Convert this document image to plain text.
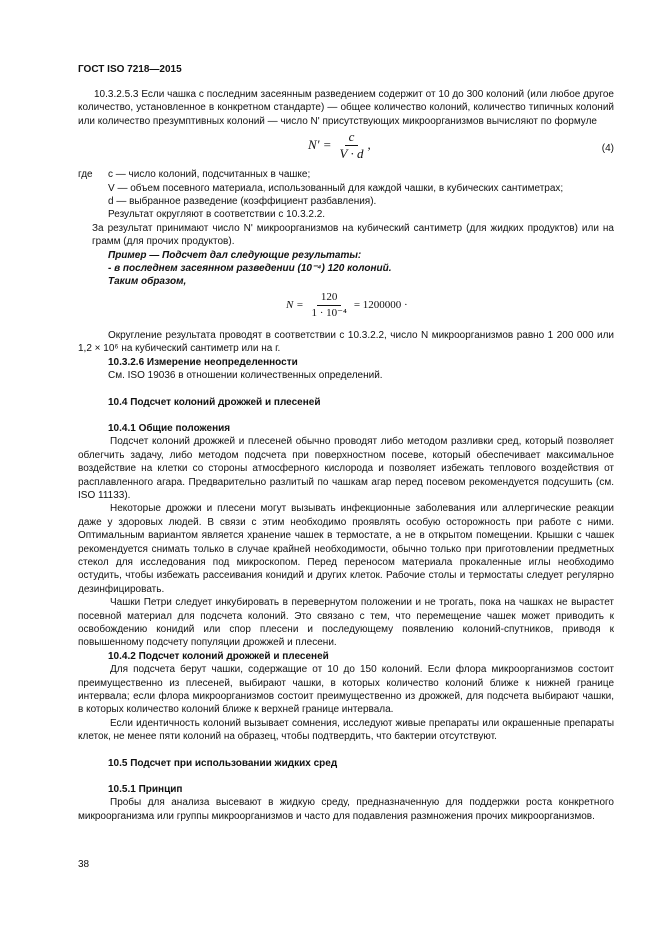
ГОСТ ISO 7218—2015

10.3.2.5.3 Если чашка с последним засеянным разведением содержит от 10 до 300 колоний (или любое другое количество, установленное в конкретном стандарте) — общее количество колоний, количество типичных колоний или количество презумптивных колоний — число N' присутствующих микроорганизмов вычисляют по формуле

$N' = \frac{c}{V \cdot d}$ ,	(4)
где	c — число колоний, подсчитанных в чашке;

V — объем посевного материала, использованный для каждой чашки, в кубических сантиметрах;

d — выбранное разведение (коэффициент разбавления).

Результат округляют в соответствии с 10.3.2.2.

За результат принимают число N' микроорганизмов на кубический сантиметр (для жидких продуктов) или на грамм (для прочих продуктов).

Пример — Подсчет дал следующие результаты:

- в последнем засеянном разведении (10⁻⁴) 120 колоний.

Таким образом,

$N = \frac{120}{\text{1 · 10⁻⁴}} = 1200000$ ·

Округление результата проводят в соответствии с 10.3.2.2, число N микроорганизмов равно 1 200 000 или 1,2 × 10⁶ на кубический сантиметр или на г.

10.3.2.6 Измерение неопределенности

См. ISO 19036 в отношении количественных определений.

10.4 Подсчет колоний дрожжей и плесеней

10.4.1 Общие положения

Подсчет колоний дрожжей и плесеней обычно проводят либо методом разливки сред, который позволяет облегчить задачу, либо методом подсчета при поверхностном посеве, который обеспечивает максимальное воздействие на клетки со стороны атмосферного кислорода и позволяет избежать теплового воздействия от расплавленного агара. Предварительно разлитый по чашкам агар перед посевом рекомендуется подсушить (см. ISO 11133).

Некоторые дрожжи и плесени могут вызывать инфекционные заболевания или аллергические реакции даже у здоровых людей. В связи с этим необходимо проявлять особую осторожность при работе с ними. Оптимальным вариантом является хранение чашек в термостате, а не в открытом помещении. Крышки с чашек рекомендуется снимать только в случае крайней необходимости, обычно только при приготовлении предметных стекол для исследования под микроскопом. Перед переносом материала прокаленные иглы необходимо остудить, чтобы избежать рассеивания конидий и других клеток. Рабочие столы и термостаты следует регулярно дезинфицировать.

Чашки Петри следует инкубировать в перевернутом положении и не трогать, пока на чашках не вырастет посевной материал для подсчета колоний. Это связано с тем, что перемещение чашек может приводить к освобождению конидий или спор плесени и последующему появлению колоний-спутников, приводя к повышенному подсчету популяции дрожжей и плесени.

10.4.2 Подсчет колоний дрожжей и плесеней

Для подсчета берут чашки, содержащие от 10 до 150 колоний. Если флора микроорганизмов состоит преимущественно из плесеней, выбирают чашки, в которых количество колоний ближе к нижней границе интервала; если флора микроорганизмов состоит преимущественно из дрожжей, для подсчета выбирают чашки, в которых количество колоний ближе к верхней границе интервала.

Если идентичность колоний вызывает сомнения, исследуют живые препараты или окрашенные препараты клеток, не менее пяти колоний на образец, чтобы подтвердить, что бактерии отсутствуют.

10.5 Подсчет при использовании жидких сред

10.5.1 Принцип

Пробы для анализа высевают в жидкую среду, предназначенную для поддержки роста конкретного микроорганизма или группы микроорганизмов и часто для подавления размножения прочих микроорганизмов.

38
